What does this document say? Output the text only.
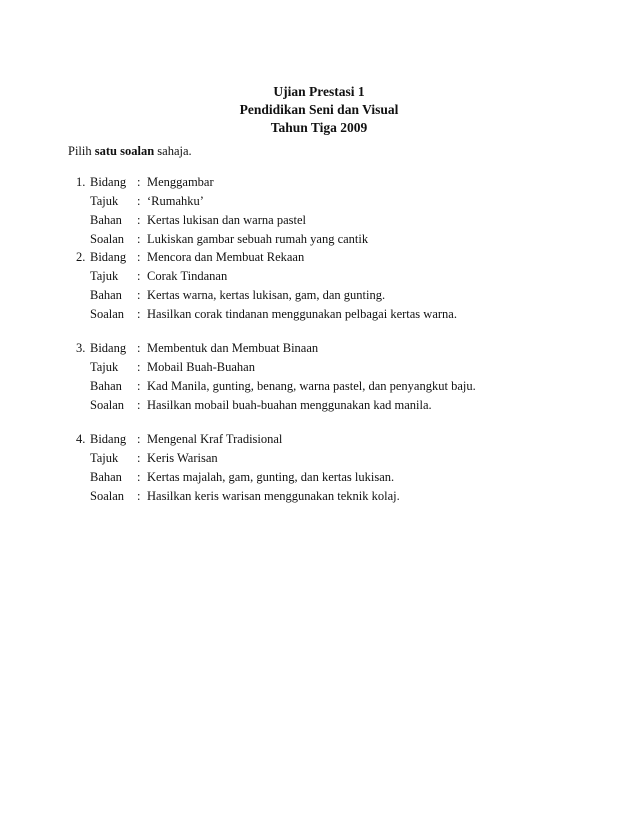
Ujian Prestasi 1
Pendidikan Seni dan Visual
Tahun Tiga 2009
Pilih satu soalan sahaja.
1. Bidang : Menggambar
Tajuk	: ‘Rumahku’
Bahan	: Kertas lukisan dan warna pastel
Soalan	: Lukiskan gambar sebuah rumah yang cantik
2. Bidang : Mencora dan Membuat Rekaan
Tajuk	: Corak Tindanan
Bahan	: Kertas warna, kertas lukisan, gam, dan gunting.
Soalan	: Hasilkan corak tindanan menggunakan pelbagai kertas warna.
3. Bidang : Membentuk dan Membuat Binaan
Tajuk	: Mobail Buah-Buahan
Bahan	: Kad Manila, gunting, benang, warna pastel, dan penyangkut baju.
Soalan	: Hasilkan mobail buah-buahan menggunakan kad manila.
4. Bidang : Mengenal Kraf Tradisional
Tajuk	: Keris Warisan
Bahan	: Kertas majalah, gam, gunting, dan kertas lukisan.
Soalan	: Hasilkan keris warisan menggunakan teknik kolaj.
